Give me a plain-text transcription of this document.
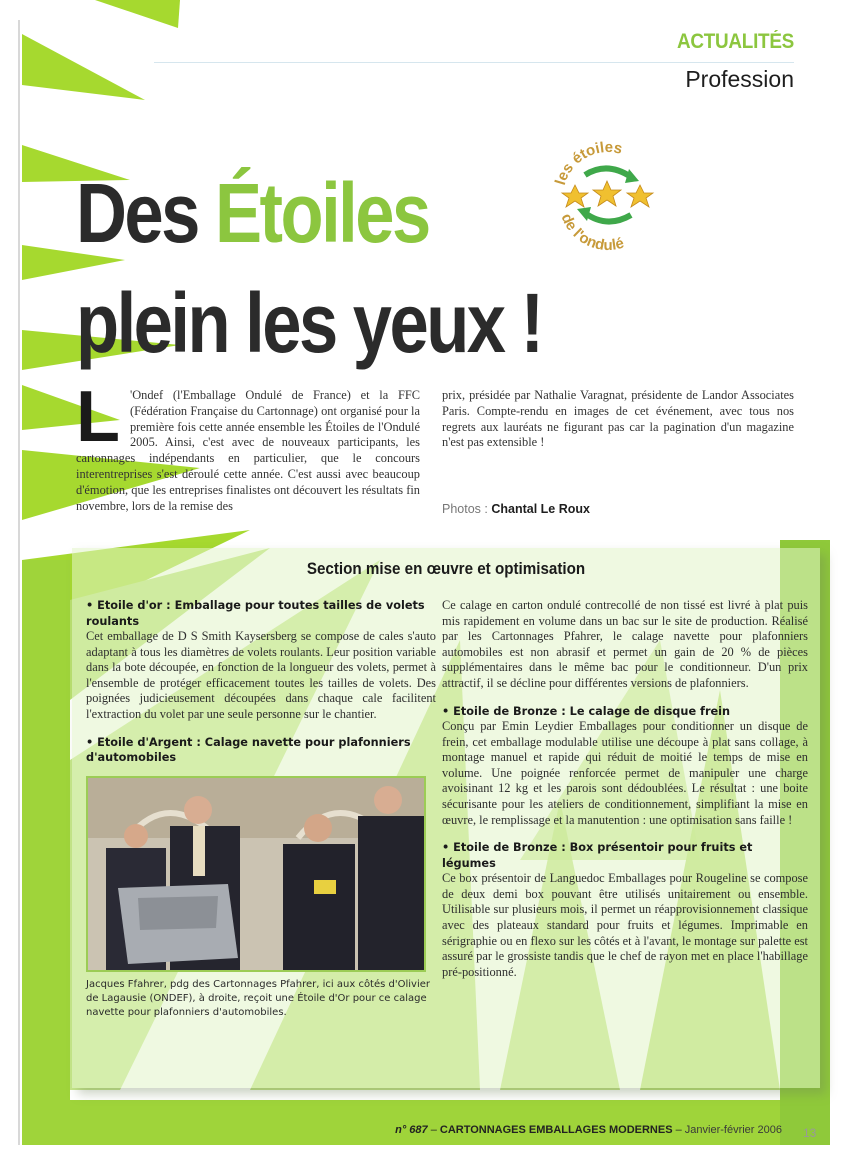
ACTUALITÉS
Profession
Des Étoiles
plein les yeux !
les étoiles
de l'ondulé
L 'Ondef (l'Emballage Ondulé de France) et la FFC (Fédération Française du Cartonnage) ont organisé pour la première fois cette année ensemble les Étoiles de l'Ondulé 2005. Ainsi, c'est avec de nouveaux participants, les cartonnages indépendants en particulier, que le concours interentreprises s'est déroulé cette année. C'est aussi avec beaucoup d'émotion, que les entreprises finalistes ont découvert les résultats fin novembre, lors de la remise des
prix, présidée par Nathalie Varagnat, présidente de Landor Associates Paris. Compte-rendu en images de cet événement, avec tous nos regrets aux lauréats ne figurant pas car la pagination d'un magazine n'est pas extensible !
Photos : Chantal Le Roux
Section mise en œuvre et optimisation
• Etoile d'or : Emballage pour toutes tailles de volets roulants
Cet emballage de D S Smith Kaysersberg se compose de cales s'auto adaptant à tous les diamètres de volets roulants. Leur position variable dans la bote découpée, en fonction de la longueur des volets, permet à l'ensemble de protéger efficacement toutes les tailles de volets. Des poignées judicieusement découpées dans chaque cale facilitent l'extraction du volet par une seule personne sur le chantier.
• Etoile d'Argent : Calage navette pour plafonniers d'automobiles
Jacques Ffahrer, pdg des Cartonnages Pfahrer, ici aux côtés d'Olivier de Lagausie (ONDEF), à droite, reçoit une Étoile d'Or pour ce calage navette pour plafonniers d'automobiles.
Ce calage en carton ondulé contrecollé de non tissé est livré à plat puis mis rapidement en volume dans un bac sur le site de production. Réalisé par les Cartonnages Pfahrer, le calage navette pour plafonniers automobiles est non abrasif et permet un gain de 20 % de pièces supplémentaires dans le même bac pour le conditionneur. D'un prix attractif, il se décline pour différentes versions de plafonniers.
• Etoile de Bronze : Le calage de disque frein
Conçu par Emin Leydier Emballages pour conditionner un disque de frein, cet emballage modulable utilise une découpe à plat sans collage, à montage manuel et rapide qui réduit de moitié le temps de mise en volume. Une poignée renforcée permet de manipuler une charge avoisinant 12 kg et les parois sont dédoublées. Le résultat : une boite sécurisante pour les ateliers de conditionnement, simplifiant la mise en œuvre, le remplissage et la manutention : une optimisation sans faille !
• Etoile de Bronze : Box présentoir pour fruits et légumes
Ce box présentoir de Languedoc Emballages pour Rougeline se compose de deux demi box pouvant être utilisés unitairement ou ensemble. Utilisable sur plusieurs mois, il permet un réapprovisionnement classique avec des plateaux standard pour fruits et légumes. Imprimable en sérigraphie ou en flexo sur les côtés et à l'avant, le montage sur palette est assuré par le grossiste tandis que le chef de rayon met en place l'habillage pré-positionné.
n° 687 – CARTONNAGES EMBALLAGES MODERNES – Janvier-février 2006 13
